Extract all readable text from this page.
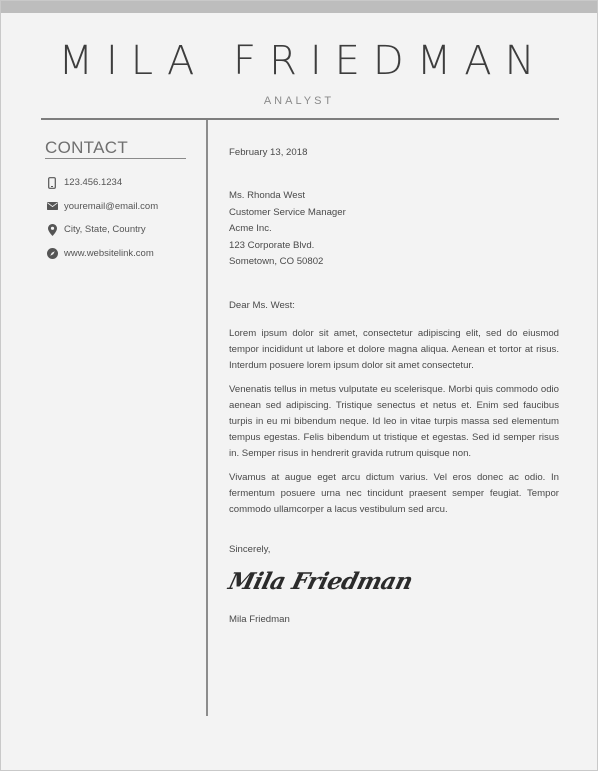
MILA FRIEDMAN
ANALYST
CONTACT
123.456.1234
youremail@email.com
City, State, Country
www.websitelink.com
February 13, 2018
Ms. Rhonda West
Customer Service Manager
Acme Inc.
123 Corporate Blvd.
Sometown, CO 50802
Dear Ms. West:

Lorem ipsum dolor sit amet, consectetur adipiscing elit, sed do eiusmod tempor incididunt ut labore et dolore magna aliqua. Aenean et tortor at risus. Interdum posuere lorem ipsum dolor sit amet consectetur.

Venenatis tellus in metus vulputate eu scelerisque. Morbi quis commodo odio aenean sed adipiscing. Tristique senectus et netus et. Enim sed faucibus turpis in eu mi bibendum neque. Id leo in vitae turpis massa sed elementum tempus egestas. Felis bibendum ut tristique et egestas. Sed id semper risus in. Semper risus in hendrerit gravida rutrum quisque non.

Vivamus at augue eget arcu dictum varius. Vel eros donec ac odio. In fermentum posuere urna nec tincidunt praesent semper feugiat. Tempor commodo ullamcorper a lacus vestibulum sed arcu.

Sincerely,
Mila Friedman
Mila Friedman
